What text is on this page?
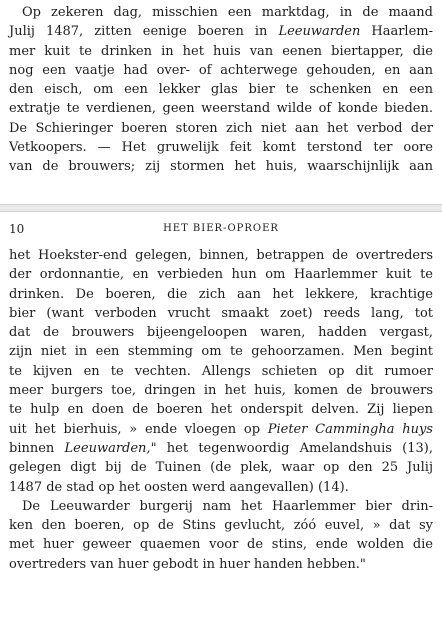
Op zekeren dag, misschien een marktdag, in de maand
Julij 1487, zitten eenige boeren in Leeuwarden Haarlem-
mer kuit te drinken in het huis van eenen biertapper, die
nog een vaatje had over- of achterwege gehouden, en aan
den eisch, om een lekker glas bier te schenken en een
extratje te verdienen, geen weerstand wilde of konde bieden.
De Schieringer boeren storen zich niet aan het verbod der
Vetkoopers. — Het gruwelijk feit komt terstond ter oore
van de brouwers; zij stormen het huis, waarschijnlijk aan
10	HET BIER-OPROER
het Hoekster-end gelegen, binnen, betrappen de overtreders
der ordonnantie, en verbieden hun om Haarlemmer kuit te
drinken. De boeren, die zich aan het lekkere, krachtige
bier (want verboden vrucht smaakt zoet) reeds lang, tot
dat de brouwers bijeengeloopen waren, hadden vergast,
zijn niet in een stemming om te gehoorzamen. Men begint
te kijven en te vechten. Allengs schieten op dit rumoer
meer burgers toe, dringen in het huis, komen de brouwers
te hulp en doen de boeren het onderspit delven. Zij liepen
uit het bierhuis, » ende vloegen op Pieter Cammingha huys
binnen Leeuwarden," het tegenwoordig Amelandshuis (13),
gelegen digt bij de Tuinen (de plek, waar op den 25 Julij
1487 de stad op het oosten werd aangevallen) (14).
De Leeuwarder burgerij nam het Haarlemmer bier drin-
ken den boeren, op de Stins gevlucht, zóó euvel, » dat sy
met huer geweer quaemen voor de stins, ende wolden die
overtreders van huer gebodt in huer handen hebben."
